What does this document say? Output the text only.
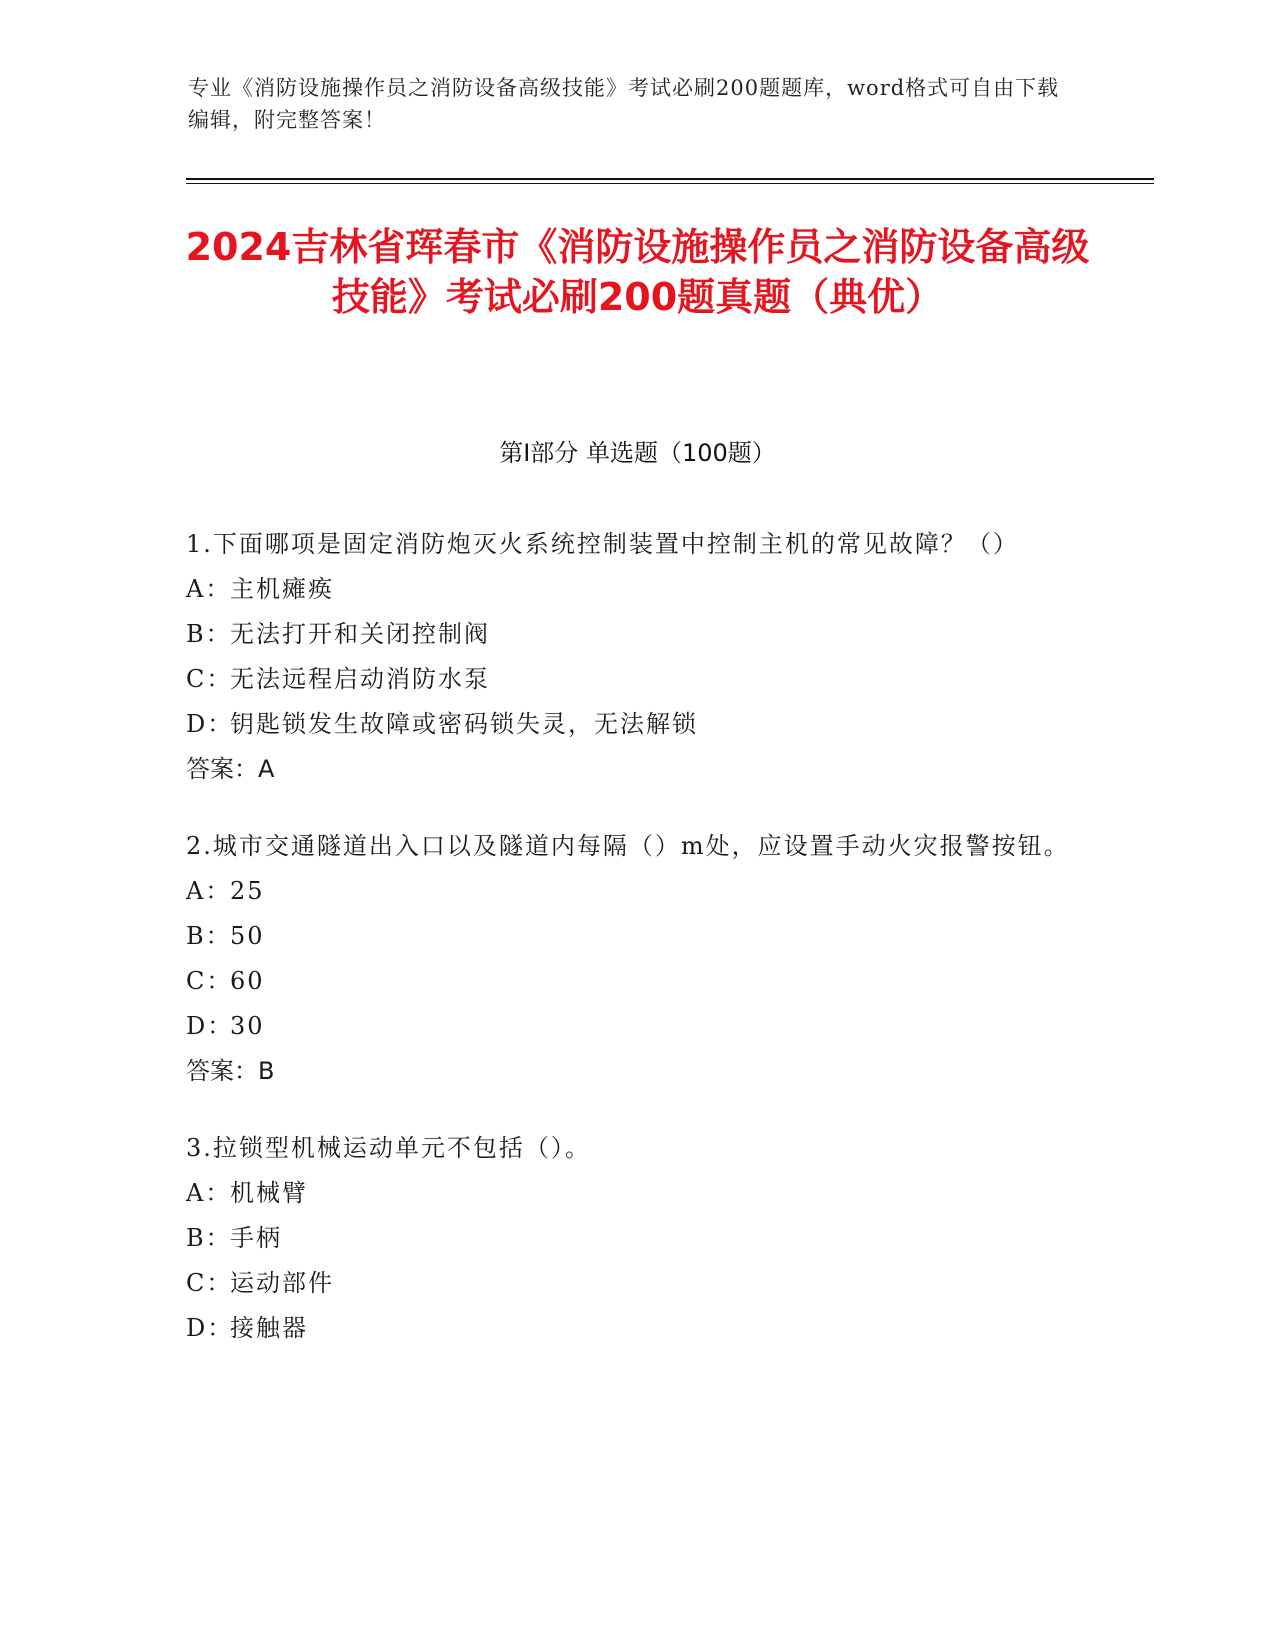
专业《消防设施操作员之消防设备高级技能》考试必刷200题题库，word格式可自由下载编辑，附完整答案！
2024吉林省珲春市《消防设施操作员之消防设备高级技能》考试必刷200题真题（典优）
第I部分 单选题（100题）

1.下面哪项是固定消防炮灭火系统控制装置中控制主机的常见故障？（）

A：主机瘫痪

B：无法打开和关闭控制阀

C：无法远程启动消防水泵

D：钥匙锁发生故障或密码锁失灵，无法解锁

答案：A

2.城市交通隧道出入口以及隧道内每隔（）m处，应设置手动火灾报警按钮。

A：25

B：50

C：60

D：30

答案：B

3.拉锁型机械运动单元不包括（）。

A：机械臂

B：手柄

C：运动部件

D：接触器
